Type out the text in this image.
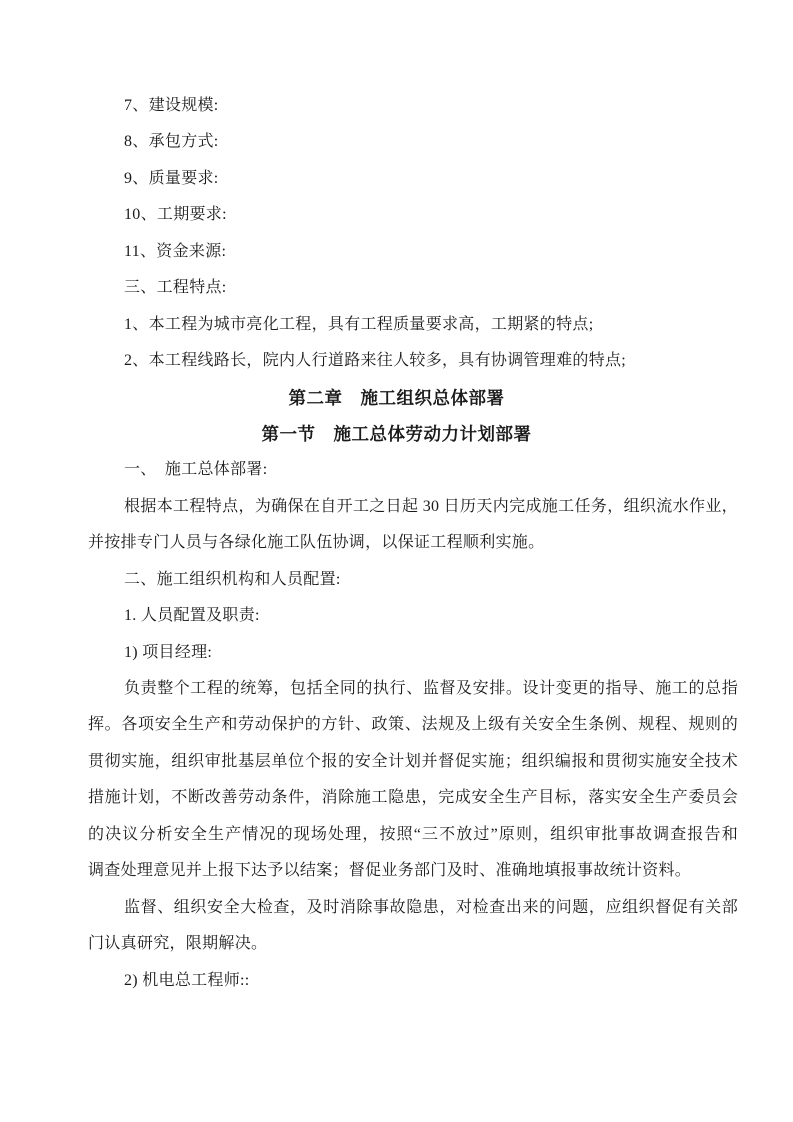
7、建设规模:
8、承包方式:
9、质量要求:
10、工期要求:
11、资金来源:
三、工程特点:
1、本工程为城市亮化工程，具有工程质量要求高，工期紧的特点;
2、本工程线路长，院内人行道路来往人较多，具有协调管理难的特点;
第二章　施工组织总体部署
第一节　施工总体劳动力计划部署
一、　施工总体部署:
根据本工程特点，为确保在自开工之日起 30 日历天内完成施工任务，组织流水作业，
并按排专门人员与各绿化施工队伍协调，以保证工程顺利实施。
二、施工组织机构和人员配置:
1. 人员配置及职责:
1) 项目经理:
负责整个工程的统筹，包括全同的执行、监督及安排。设计变更的指导、施工的总指
挥。各项安全生产和劳动保护的方针、政策、法规及上级有关安全生条例、规程、规则的
贯彻实施，组织审批基层单位个报的安全计划并督促实施；组织编报和贯彻实施安全技术
措施计划，不断改善劳动条件，消除施工隐患，完成安全生产目标，落实安全生产委员会
的决议分析安全生产情况的现场处理，按照“三不放过”原则，组织审批事故调查报告和
调查处理意见并上报下达予以结案；督促业务部门及时、准确地填报事故统计资料。
监督、组织安全大检查，及时消除事故隐患，对检查出来的问题，应组织督促有关部
门认真研究，限期解决。
2) 机电总工程师::
